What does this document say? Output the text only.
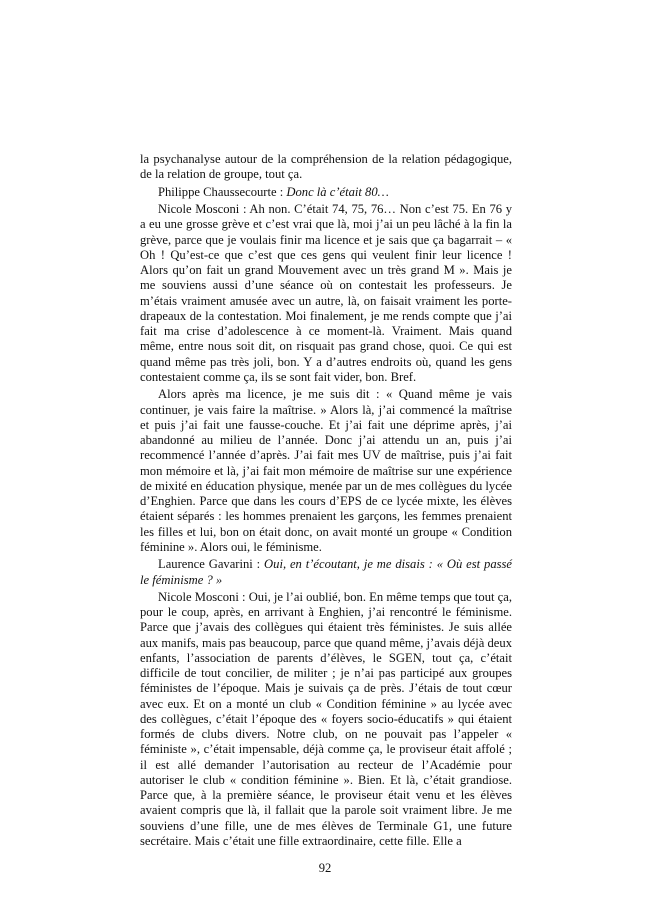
la psychanalyse autour de la compréhension de la relation pédagogique, de la relation de groupe, tout ça.

Philippe Chaussecourte : Donc là c’était 80…

Nicole Mosconi : Ah non. C’était 74, 75, 76… Non c’est 75. En 76 y a eu une grosse grève et c’est vrai que là, moi j’ai un peu lâché à la fin la grève, parce que je voulais finir ma licence et je sais que ça bagarrait – « Oh ! Qu’est-ce que c’est que ces gens qui veulent finir leur licence ! Alors qu’on fait un grand Mouvement avec un très grand M ». Mais je me souviens aussi d’une séance où on contestait les professeurs. Je m’étais vraiment amusée avec un autre, là, on faisait vraiment les porte-drapeaux de la contestation. Moi finalement, je me rends compte que j’ai fait ma crise d’adolescence à ce moment-là. Vraiment. Mais quand même, entre nous soit dit, on risquait pas grand chose, quoi. Ce qui est quand même pas très joli, bon. Y a d’autres endroits où, quand les gens contestaient comme ça, ils se sont fait vider, bon. Bref.

Alors après ma licence, je me suis dit : « Quand même je vais continuer, je vais faire la maîtrise. » Alors là, j’ai commencé la maîtrise et puis j’ai fait une fausse-couche. Et j’ai fait une déprime après, j’ai abandonné au milieu de l’année. Donc j’ai attendu un an, puis j’ai recommencé l’année d’après. J’ai fait mes UV de maîtrise, puis j’ai fait mon mémoire et là, j’ai fait mon mémoire de maîtrise sur une expérience de mixité en éducation physique, menée par un de mes collègues du lycée d’Enghien. Parce que dans les cours d’EPS de ce lycée mixte, les élèves étaient séparés : les hommes prenaient les garçons, les femmes prenaient les filles et lui, bon on était donc, on avait monté un groupe « Condition féminine ». Alors oui, le féminisme.

Laurence Gavarini : Oui, en t’écoutant, je me disais : « Où est passé le féminisme ? »

Nicole Mosconi : Oui, je l’ai oublié, bon. En même temps que tout ça, pour le coup, après, en arrivant à Enghien, j’ai rencontré le féminisme. Parce que j’avais des collègues qui étaient très féministes. Je suis allée aux manifs, mais pas beaucoup, parce que quand même, j’avais déjà deux enfants, l’association de parents d’élèves, le SGEN, tout ça, c’était difficile de tout concilier, de militer ; je n’ai pas participé aux groupes féministes de l’époque. Mais je suivais ça de près. J’étais de tout cœur avec eux. Et on a monté un club « Condition féminine » au lycée avec des collègues, c’était l’époque des « foyers socio-éducatifs » qui étaient formés de clubs divers. Notre club, on ne pouvait pas l’appeler « féministe », c’était impensable, déjà comme ça, le proviseur était affolé ; il est allé demander l’autorisation au recteur de l’Académie pour autoriser le club « condition féminine ». Bien. Et là, c’était grandiose. Parce que, à la première séance, le proviseur était venu et les élèves avaient compris que là, il fallait que la parole soit vraiment libre. Je me souviens d’une fille, une de mes élèves de Terminale G1, une future secrétaire. Mais c’était une fille extraordinaire, cette fille. Elle a

92
